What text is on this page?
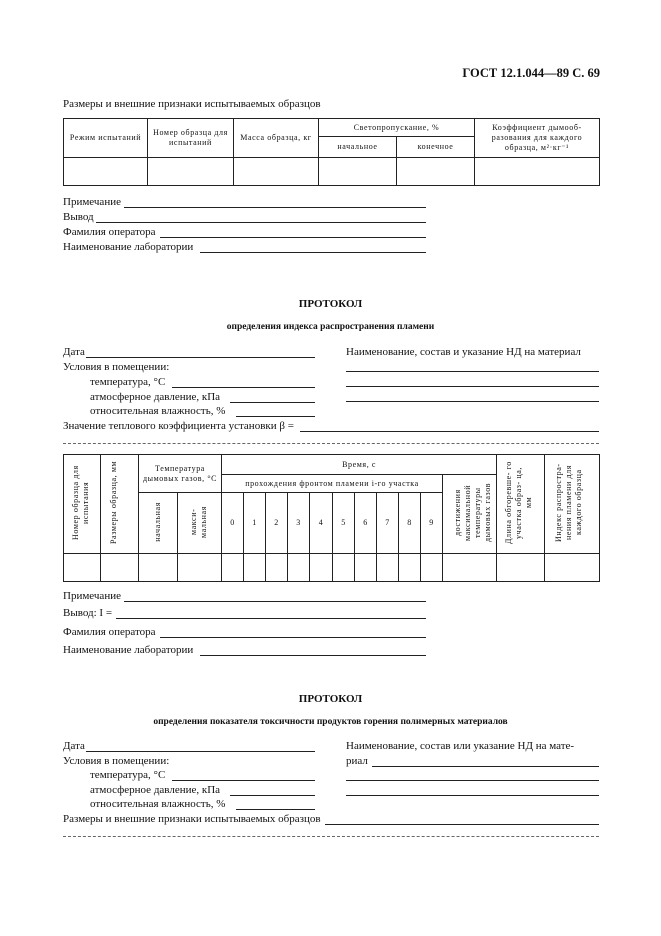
ГОСТ 12.1.044—89 С. 69
Размеры и внешние признаки испытываемых образцов
Режим испытаний	Номер образца для испытаний	Масса образца, кг	Светопропускание, %		Коэффициент дымооб- разования для каждого образца, м²·кг⁻¹
			начальное	конечное	

Примечание
Вывод
Фамилия оператора
Наименование лаборатории
ПРОТОКОЛ
определения индекса распространения пламени
Дата
Условия в помещении:
температура, °С
атмосферное давление, кПа
относительная влажность, %
Наименование, состав и указание НД на материал
Значение теплового коэффициента установки β =
Номер образца для испытания	Размеры образца, мм	Температура дымовых газов, °С		Время, с											Длина обгоревше- го участка образ- ца, мм	Индекс распростра- нения пламени для каждого образца
				прохождения фронтом пламени i-го участка										достижения максимальной температуры дымовых газов		
		начальная	макси- мальная	0	1	2	3	4	5	6	7	8	9			

Примечание
Вывод: I =
Фамилия оператора
Наименование лаборатории
ПРОТОКОЛ
определения показателя токсичности продуктов горения полимерных материалов
Дата
Условия в помещении:
температура, °С
атмосферное давление, кПа
относительная влажность, %
Наименование, состав или указание НД на мате-
риал
Размеры и внешние признаки испытываемых образцов
